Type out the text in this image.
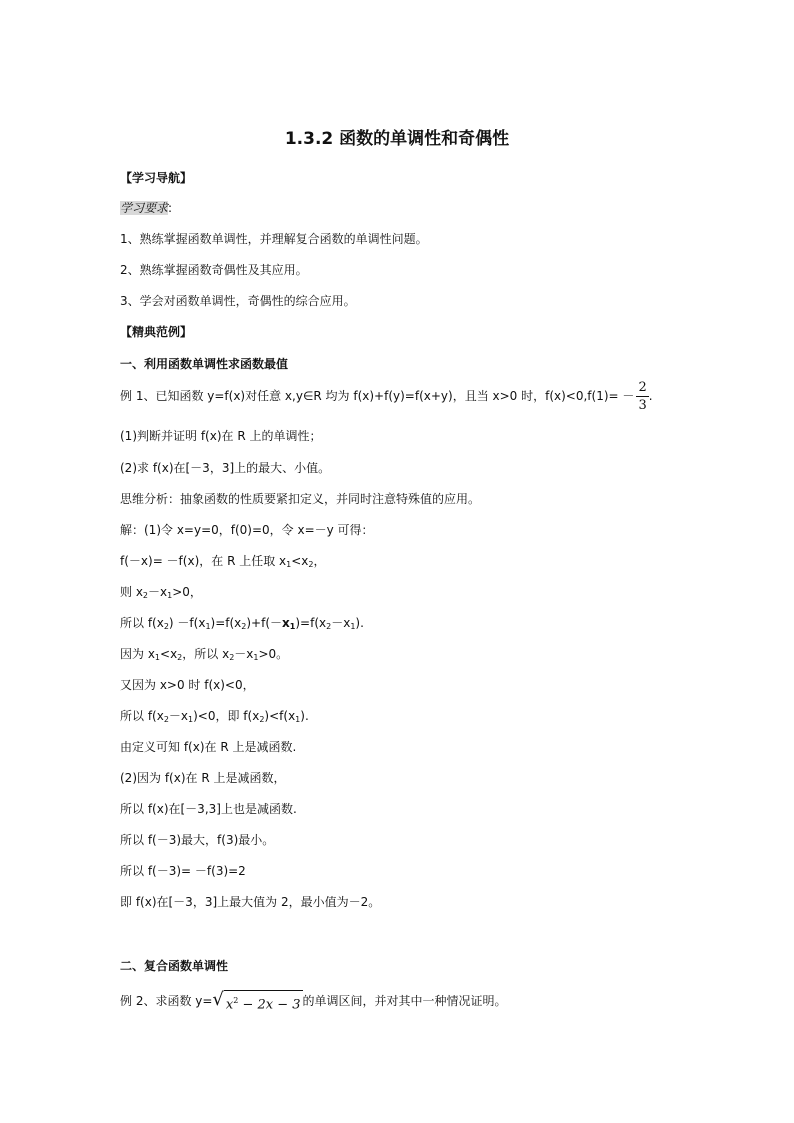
1.3.2 函数的单调性和奇偶性
【学习导航】
学习要求:
1、熟练掌握函数单调性，并理解复合函数的单调性问题。
2、熟练掌握函数奇偶性及其应用。
3、学会对函数单调性，奇偶性的综合应用。
【精典范例】
一、利用函数单调性求函数最值
例 1、已知函数 y=f(x)对任意 x,y∈R 均为 f(x)+f(y)=f(x+y)，且当 x>0 时，$f(x)<0,f(1)= - \frac{2}{3}$ .
(1)判断并证明 f(x)在 R 上的单调性；
(2)求 f(x)在[－3，3]上的最大、小值。
思维分析：抽象函数的性质要紧扣定义，并同时注意特殊值的应用。
解：(1)令 x=y=0，f(0)=0，令 x=－y 可得：
f(－x)= －f(x)，在 R 上任取 $x_1<x_2$，
则 $x_2-x_1>0$，
所以 $f(x_2) -f(x_1)=f(x_2)+f(-x_1)=f(x_2-x_1)$.
因为 $x_1<x_2$，所以 $x_2-x_1>0$。
又因为 x>0 时 f(x)<0，
所以 $f(x_2-x_1)<0$，即 $f(x_2)<f(x_1)$.
由定义可知 f(x)在 R 上是减函数.
(2)因为 f(x)在 R 上是减函数，
所以 f(x)在[－3,3]上也是减函数.
所以 f(－3)最大，f(3)最小。
所以 f(－3)= －f(3)=2
即 f(x)在[－3，3]上最大值为 2，最小值为－2。
二、复合函数单调性
例 2、求函数 y= √ $x^2 - 2x - 3$ 的单调区间，并对其中一种情况证明。
